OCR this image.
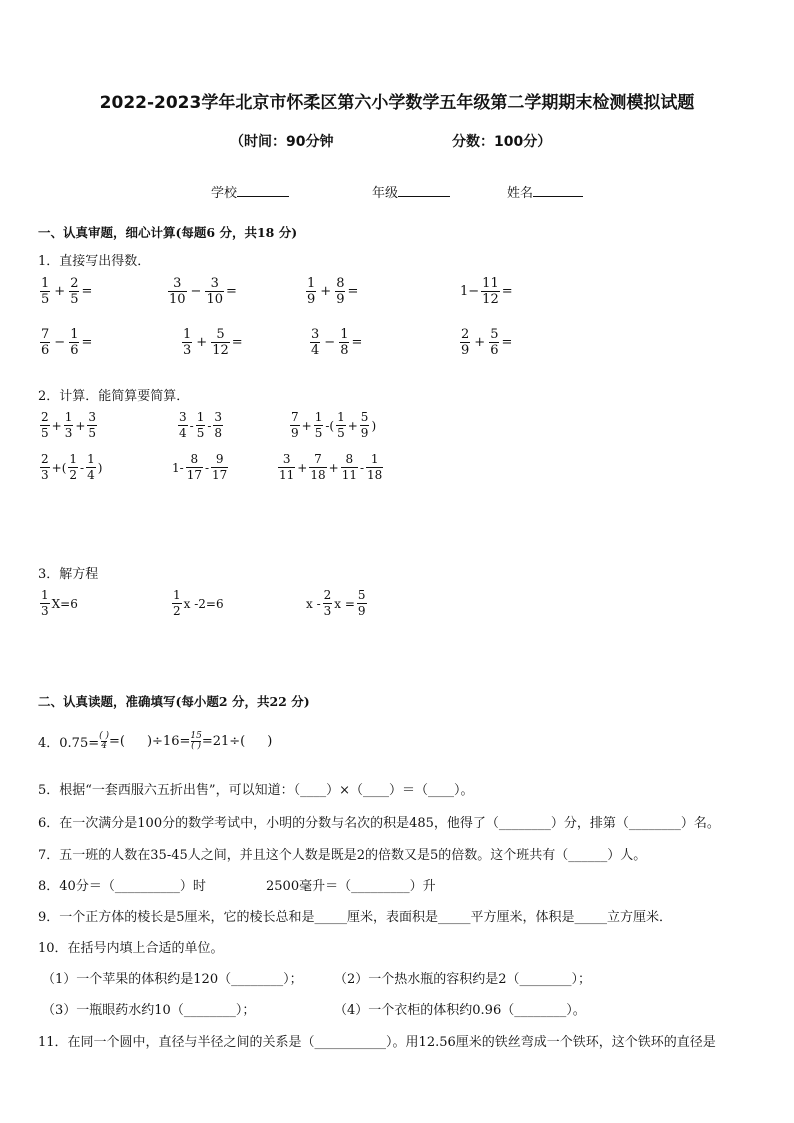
2022-2023学年北京市怀柔区第六小学数学五年级第二学期期末检测模拟试题
（时间：90分钟	分数：100分）
学校	年级	姓名
一、认真审题，细心计算(每题6 分，共18 分)
1．直接写出得数．
$\frac{1}{5} + \frac{2}{5}$ =	$\frac{3}{10} - \frac{3}{10}$ =	$\frac{1}{9} + \frac{8}{9}$ =	$1- \frac{11}{12}$ =
$\frac{7}{6} - \frac{1}{6}$ =	$\frac{1}{3} + \frac{5}{12}$ =	$\frac{3}{4} - \frac{1}{8}$ =	$\frac{2}{9} + \frac{5}{6}$ =
2．计算．能简算要简算．
$\frac{2}{5} + \frac{1}{3} + \frac{3}{5}$	$\frac{3}{4} - \frac{1}{5} - \frac{3}{8}$	$\frac{7}{9} + \frac{1}{5}$ -( $\frac{1}{5} + \frac{5}{9}$ )
$\frac{2}{3}$ +( $\frac{1}{2} - \frac{1}{4}$ )	$1- \frac{8}{17} - \frac{9}{17}$	$\frac{3}{11} + \frac{7}{18} + \frac{8}{11} - \frac{1}{18}$
3．解方程
$\frac{1}{3} X=6$	$\frac{1}{2}$ x -2=6	x - $\frac{2}{3}$ $x = \frac{5}{9}$
二、认真读题，准确填写(每小题2 分，共22 分)
4．$0.75= \frac{( )}{4}$ =( )$\div 16= \frac{15}{( )} =21\div$( )
5．根据“一套西服六五折出售”，可以知道：（____）×（____）＝（____）。
6．在一次满分是100分的数学考试中，小明的分数与名次的积是485，他得了（________）分，排第（________）名。
7．五一班的人数在35-45人之间，并且这个人数是既是2的倍数又是5的倍数。这个班共有（______）人。
8．40分＝（__________）时	2500毫升＝（_________）升
9．一个正方体的棱长是5厘米，它的棱长总和是_____厘米，表面积是_____平方厘米，体积是_____立方厘米．
10．在括号内填上合适的单位。
（1）一个苹果的体积约是120（________）； （2）一个热水瓶的容积约是2（________）；
（3）一瓶眼药水约10（________）；	（4）一个衣柜的体积约0.96（________）。
11．在同一个圆中，直径与半径之间的关系是（___________）。用12.56厘米的铁丝弯成一个铁环，这个铁环的直径是
